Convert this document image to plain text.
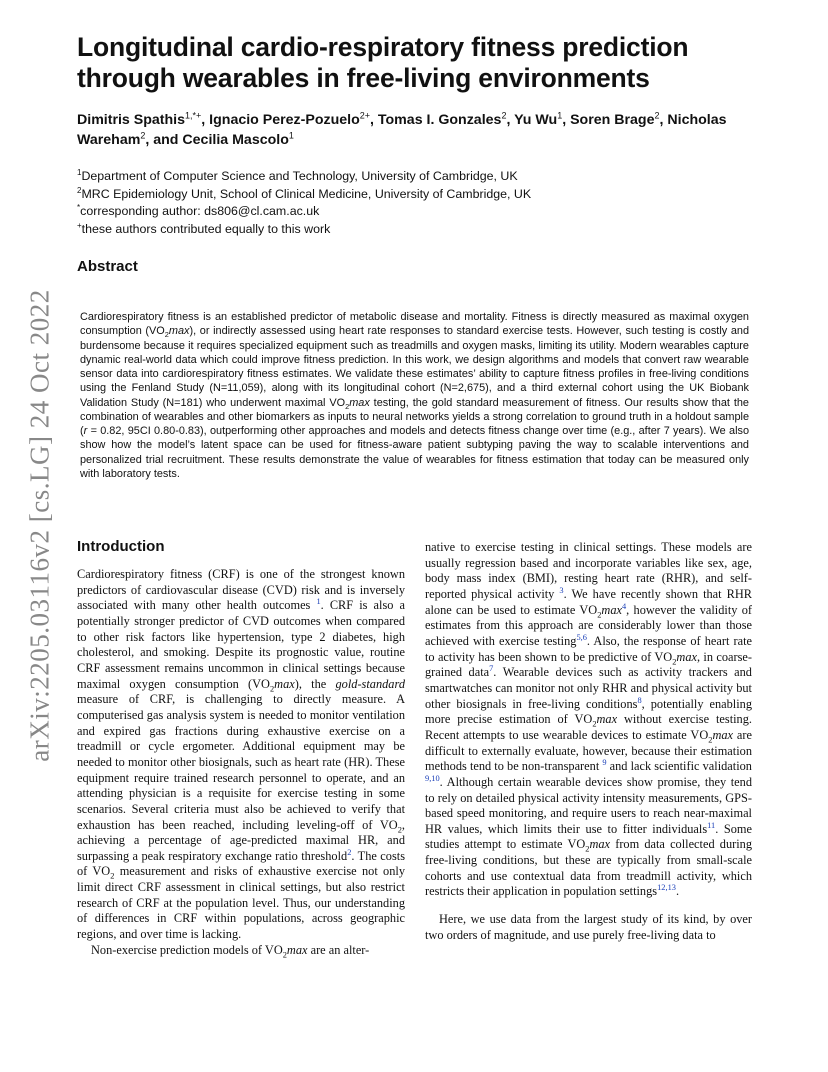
arXiv:2205.03116v2 [cs.LG] 24 Oct 2022
Longitudinal cardio-respiratory fitness prediction through wearables in free-living environments
Dimitris Spathis$^{1,*+}$, Ignacio Perez-Pozuelo$^{2+}$, Tomas I. Gonzales$^2$, Yu Wu$^1$, Soren Brage$^2$, Nicholas Wareham$^2$, and Cecilia Mascolo$^1$
$^1$Department of Computer Science and Technology, University of Cambridge, UK
$^2$MRC Epidemiology Unit, School of Clinical Medicine, University of Cambridge, UK
*corresponding author: ds806@cl.cam.ac.uk
+these authors contributed equally to this work
Abstract

Cardiorespiratory fitness is an established predictor of metabolic disease and mortality. Fitness is directly measured as maximal oxygen consumption $(VO_2\max)$, or indirectly assessed using heart rate responses to standard exercise tests. However, such testing is costly and burdensome because it requires specialized equipment such as treadmills and oxygen masks, limiting its utility. Modern wearables capture dynamic real-world data which could improve fitness prediction. In this work, we design algorithms and models that convert raw wearable sensor data into cardiorespiratory fitness estimates. We validate these estimates’ ability to capture fitness profiles in free-living conditions using the Fenland Study (N=11,059), along with its longitudinal cohort (N=2,675), and a third external cohort using the UK Biobank Validation Study (N=181) who underwent maximal $VO_2\max$ testing, the gold standard measurement of fitness. Our results show that the combination of wearables and other biomarkers as inputs to neural networks yields a strong correlation to ground truth in a holdout sample (r = 0.82, 95CI 0.80-0.83), outperforming other approaches and models and detects fitness change over time (e.g., after 7 years). We also show how the model’s latent space can be used for fitness-aware patient subtyping paving the way to scalable interventions and personalized trial recruitment. These results demonstrate the value of wearables for fitness estimation that today can be measured only with laboratory tests.

Introduction

Cardiorespiratory fitness (CRF) is one of the strongest known predictors of cardiovascular disease (CVD) risk and is inversely associated with many other health outcomes $^1$. CRF is also a potentially stronger predictor of CVD outcomes when compared to other risk factors like hypertension, type 2 diabetes, high cholesterol, and smoking. Despite its prognostic value, routine CRF assessment remains uncommon in clinical settings because maximal oxygen consumption $(VO_2\max)$, the gold-standard measure of CRF, is challenging to directly measure. A computerised gas analysis system is needed to monitor ventilation and expired gas fractions during exhaustive exercise on a treadmill or cycle ergometer. Additional equipment may be needed to monitor other biosignals, such as heart rate (HR). These equipment require trained research personnel to operate, and an attending physician is a requisite for exercise testing in some scenarios. Several criteria must also be achieved to verify that exhaustion has been reached, including leveling-off of $VO_2$, achieving a percentage of age-predicted maximal HR, and surpassing a peak respiratory exchange ratio threshold$^2$. The costs of $VO_2$ measurement and risks of exhaustive exercise not only limit direct CRF assessment in clinical settings, but also restrict research of CRF at the population level. Thus, our understanding of differences in CRF within populations, across geographic regions, and over time is lacking.

Non-exercise prediction models of $VO_2\max$ are an alter-

native to exercise testing in clinical settings. These models are usually regression based and incorporate variables like sex, age, body mass index (BMI), resting heart rate (RHR), and self-reported physical activity $^3$. We have recently shown that RHR alone can be used to estimate $VO_2\max^4$, however the validity of estimates from this approach are considerably lower than those achieved with exercise testing$^{5,6}$. Also, the response of heart rate to activity has been shown to be predictive of $VO_2\max$, in coarse-grained data$^7$. Wearable devices such as activity trackers and smartwatches can monitor not only RHR and physical activity but other biosignals in free-living conditions$^8$, potentially enabling more precise estimation of $VO_2\max$ without exercise testing. Recent attempts to use wearable devices to estimate $VO_2\max$ are difficult to externally evaluate, however, because their estimation methods tend to be non-transparent $^9$ and lack scientific validation $^{9,10}$. Although certain wearable devices show promise, they tend to rely on detailed physical activity intensity measurements, GPS-based speed monitoring, and require users to reach near-maximal HR values, which limits their use to fitter individuals$^{11}$. Some studies attempt to estimate $VO_2\max$ from data collected during free-living conditions, but these are typically from small-scale cohorts and use contextual data from treadmill activity, which restricts their application in population settings$^{12,13}$.

Here, we use data from the largest study of its kind, by over two orders of magnitude, and use purely free-living data to
